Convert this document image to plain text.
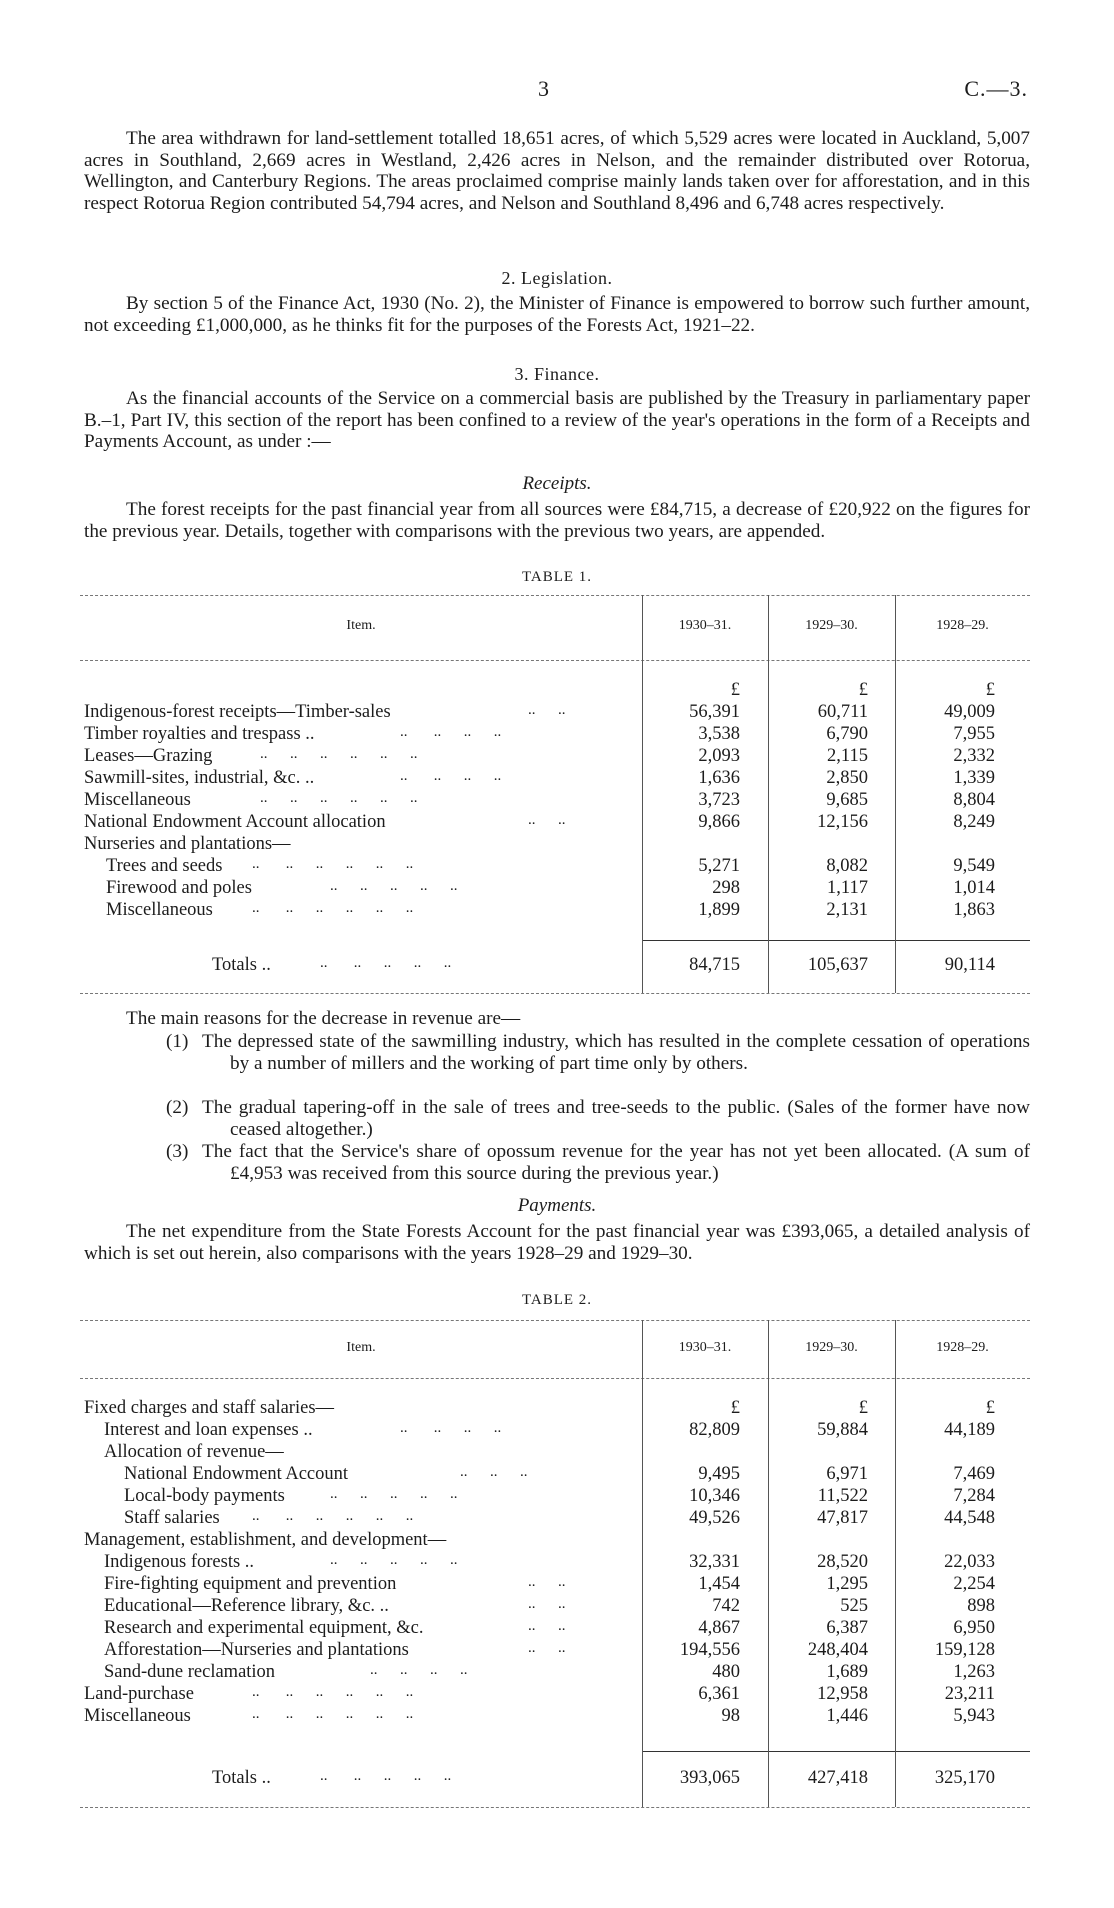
3	C.—3.

The area withdrawn for land-settlement totalled 18,651 acres, of which 5,529 acres were located in Auckland, 5,007 acres in Southland, 2,669 acres in Westland, 2,426 acres in Nelson, and the remainder distributed over Rotorua, Wellington, and Canterbury Regions. The areas proclaimed comprise mainly lands taken over for afforestation, and in this respect Rotorua Region contributed 54,794 acres, and Nelson and Southland 8,496 and 6,748 acres respectively.

2. Legislation.

By section 5 of the Finance Act, 1930 (No. 2), the Minister of Finance is empowered to borrow such further amount, not exceeding £1,000,000, as he thinks fit for the purposes of the Forests Act, 1921–22.

3. Finance.

As the financial accounts of the Service on a commercial basis are published by the Treasury in parliamentary paper B.–1, Part IV, this section of the report has been confined to a review of the year's operations in the form of a Receipts and Payments Account, as under :—

Receipts.

The forest receipts for the past financial year from all sources were £84,715, a decrease of £20,922 on the figures for the previous year. Details, together with comparisons with the previous two years, are appended.

TABLE 1.

Item.	1930–31.	1929–30.	1928–29.
£	£	£
Indigenous-forest receipts—Timber-sales	..      ..	56,391	60,711	49,009
Timber royalties and trespass ..	..       ..      ..      ..	3,538	6,790	7,955
Leases—Grazing	..      ..      ..      ..      ..      ..	2,093	2,115	2,332
Sawmill-sites, industrial, &c. ..	..       ..      ..      ..	1,636	2,850	1,339
Miscellaneous	..      ..      ..      ..      ..      ..	3,723	9,685	8,804
National Endowment Account allocation	..      ..	9,866	12,156	8,249
Nurseries and plantations—
Trees and seeds ..       ..      ..      ..      ..      ..	5,271	8,082	9,549
Firewood and poles	..      ..      ..      ..      ..	298	1,117	1,014
Miscellaneous	..       ..      ..      ..      ..      ..	1,899	2,131	1,863
Totals ..	..       ..      ..      ..      ..	84,715	105,637	90,114

The main reasons for the decrease in revenue are—

(1) The depressed state of the sawmilling industry, which has resulted in the complete cessation of operations by a number of millers and the working of part time only by others.
(2) The gradual tapering-off in the sale of trees and tree-seeds to the public. (Sales of the former have now ceased altogether.)
(3) The fact that the Service's share of opossum revenue for the year has not yet been allocated. (A sum of £4,953 was received from this source during the previous year.)

Payments.

The net expenditure from the State Forests Account for the past financial year was £393,065, a detailed analysis of which is set out herein, also comparisons with the years 1928–29 and 1929–30.

TABLE 2.

Item.	1930–31.	1929–30.	1928–29.
Fixed charges and staff salaries—	£	£	£
Interest and loan expenses ..	..       ..      ..      ..	82,809	59,884	44,189
Allocation of revenue—
National Endowment Account	..      ..      ..	9,495	6,971	7,469
Local-body payments	..      ..      ..      ..      ..	10,346	11,522	7,284
Staff salaries ..       ..      ..      ..      ..      ..	49,526	47,817	44,548
Management, establishment, and development—
Indigenous forests ..	..      ..      ..      ..      ..	32,331	28,520	22,033
Fire-fighting equipment and prevention	..      ..	1,454	1,295	2,254
Educational—Reference library, &c. ..	..      ..	742	525	898
Research and experimental equipment, &c.	..      ..	4,867	6,387	6,950
Afforestation—Nurseries and plantations	..      ..	194,556	248,404	159,128
Sand-dune reclamation	..      ..      ..      ..	480	1,689	1,263
Land-purchase	..       ..      ..      ..      ..      ..	6,361	12,958	23,211
Miscellaneous	..       ..      ..      ..      ..      ..	98	1,446	5,943
Totals ..	..       ..      ..      ..      ..	393,065	427,418	325,170
